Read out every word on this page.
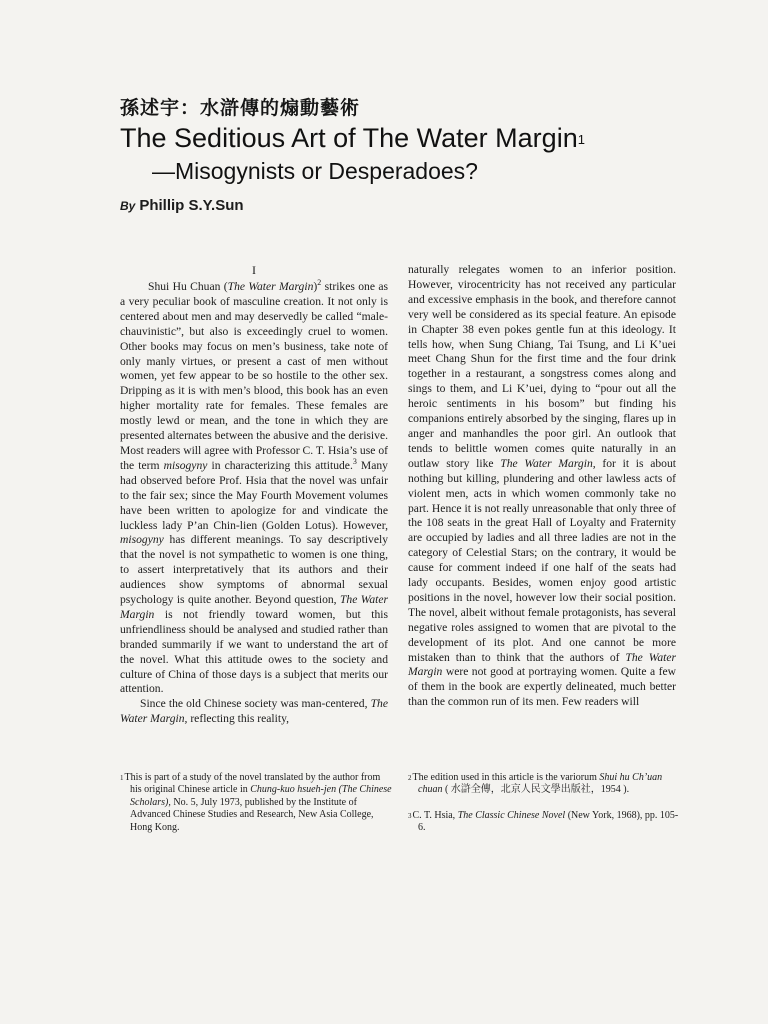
孫述宇：水滸傳的煽動藝術
The Seditious Art of The Water Margin$^1$
—Misogynists or Desperadoes?
By Phillip S.Y.Sun
I

Shui Hu Chuan (The Water Margin)$^2$ strikes one as a very peculiar book of masculine creation. It not only is centered about men and may deservedly be called “male-chauvinistic”, but also is exceedingly cruel to women. Other books may focus on men’s business, take note of only manly virtues, or present a cast of men without women, yet few appear to be so hostile to the other sex. Dripping as it is with men’s blood, this book has an even higher mortality rate for females. These females are mostly lewd or mean, and the tone in which they are presented alternates between the abusive and the derisive. Most readers will agree with Professor C. T. Hsia’s use of the term misogyny in characterizing this attitude.$^3$ Many had observed before Prof. Hsia that the novel was unfair to the fair sex; since the May Fourth Movement volumes have been written to apologize for and vindicate the luckless lady P’an Chin-lien (Golden Lotus). However, misogyny has different meanings. To say descriptively that the novel is not sympathetic to women is one thing, to assert interpretatively that its authors and their audiences show symptoms of abnormal sexual psychology is quite another. Beyond question, The Water Margin is not friendly toward women, but this unfriendliness should be analysed and studied rather than branded summarily if we want to understand the art of the novel. What this attitude owes to the society and culture of China of those days is a subject that merits our attention.

Since the old Chinese society was man-centered, The Water Margin, reflecting this reality,

naturally relegates women to an inferior position. However, virocentricity has not received any particular and excessive emphasis in the book, and therefore cannot very well be considered as its special feature. An episode in Chapter 38 even pokes gentle fun at this ideology. It tells how, when Sung Chiang, Tai Tsung, and Li K’uei meet Chang Shun for the first time and the four drink together in a restaurant, a songstress comes along and sings to them, and Li K’uei, dying to “pour out all the heroic sentiments in his bosom” but finding his companions entirely absorbed by the singing, flares up in anger and manhandles the poor girl. An outlook that tends to belittle women comes quite naturally in an outlaw story like The Water Margin, for it is about nothing but killing, plundering and other lawless acts of violent men, acts in which women commonly take no part. Hence it is not really unreasonable that only three of the 108 seats in the great Hall of Loyalty and Fraternity are occupied by ladies and all three ladies are not in the category of Celestial Stars; on the contrary, it would be cause for comment indeed if one half of the seats had lady occupants. Besides, women enjoy good artistic positions in the novel, however low their social position. The novel, albeit without female protagonists, has several negative roles assigned to women that are pivotal to the development of its plot. And one cannot be more mistaken than to think that the authors of The Water Margin were not good at portraying women. Quite a few of them in the book are expertly delineated, much better than the common run of its men. Few readers will

$^1$This is part of a study of the novel translated by the author from his original Chinese article in Chung-kuo hsueh-jen (The Chinese Scholars), No. 5, July 1973, published by the Institute of Advanced Chinese Studies and Research, New Asia College, Hong Kong.
$^2$The edition used in this article is the variorum Shui hu Ch’uan chuan ( 水滸全傳，北京人民文學出版社，1954 ).
$^3$C. T. Hsia, The Classic Chinese Novel (New York, 1968), pp. 105-6.
